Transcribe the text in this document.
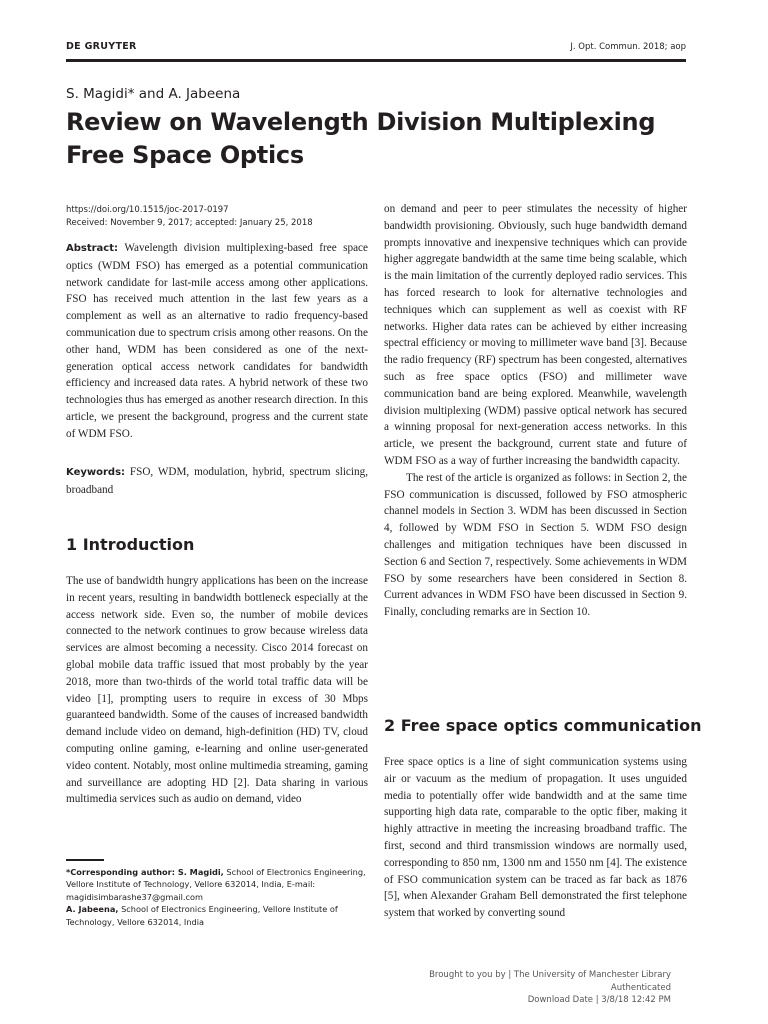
DE GRUYTER	J. Opt. Commun. 2018; aop
S. Magidi* and A. Jabeena
Review on Wavelength Division Multiplexing Free Space Optics
https://doi.org/10.1515/joc-2017-0197
Received: November 9, 2017; accepted: January 25, 2018

Abstract: Wavelength division multiplexing-based free space optics (WDM FSO) has emerged as a potential communication network candidate for last-mile access among other applications. FSO has received much attention in the last few years as a complement as well as an alternative to radio frequency-based communication due to spectrum crisis among other reasons. On the other hand, WDM has been considered as one of the next-generation optical access network candidates for bandwidth efficiency and increased data rates. A hybrid network of these two technologies thus has emerged as another research direction. In this article, we present the background, progress and the current state of WDM FSO.

Keywords: FSO, WDM, modulation, hybrid, spectrum slicing, broadband

1 Introduction

The use of bandwidth hungry applications has been on the increase in recent years, resulting in bandwidth bottleneck especially at the access network side. Even so, the number of mobile devices connected to the network continues to grow because wireless data services are almost becoming a necessity. Cisco 2014 forecast on global mobile data traffic issued that most probably by the year 2018, more than two-thirds of the world total traffic data will be video [1], prompting users to require in excess of 30 Mbps guaranteed bandwidth. Some of the causes of increased bandwidth demand include video on demand, high-definition (HD) TV, cloud computing online gaming, e-learning and online user-generated video content. Notably, most online multimedia streaming, gaming and surveillance are adopting HD [2]. Data sharing in various multimedia services such as audio on demand, video

*Corresponding author: S. Magidi, School of Electronics Engineering, Vellore Institute of Technology, Vellore 632014, India, E-mail: magidisimbarashe37@gmail.com
A. Jabeena, School of Electronics Engineering, Vellore Institute of Technology, Vellore 632014, India

on demand and peer to peer stimulates the necessity of higher bandwidth provisioning. Obviously, such huge bandwidth demand prompts innovative and inexpensive techniques which can provide higher aggregate bandwidth at the same time being scalable, which is the main limitation of the currently deployed radio services. This has forced research to look for alternative technologies and techniques which can supplement as well as coexist with RF networks. Higher data rates can be achieved by either increasing spectral efficiency or moving to millimeter wave band [3]. Because the radio frequency (RF) spectrum has been congested, alternatives such as free space optics (FSO) and millimeter wave communication band are being explored. Meanwhile, wavelength division multiplexing (WDM) passive optical network has secured a winning proposal for next-generation access networks. In this article, we present the background, current state and future of WDM FSO as a way of further increasing the bandwidth capacity.

The rest of the article is organized as follows: in Section 2, the FSO communication is discussed, followed by FSO atmospheric channel models in Section 3. WDM has been discussed in Section 4, followed by WDM FSO in Section 5. WDM FSO design challenges and mitigation techniques have been discussed in Section 6 and Section 7, respectively. Some achievements in WDM FSO by some researchers have been considered in Section 8. Current advances in WDM FSO have been discussed in Section 9. Finally, concluding remarks are in Section 10.

2 Free space optics communication

Free space optics is a line of sight communication systems using air or vacuum as the medium of propagation. It uses unguided media to potentially offer wide bandwidth and at the same time supporting high data rate, comparable to the optic fiber, making it highly attractive in meeting the increasing broadband traffic. The first, second and third transmission windows are normally used, corresponding to 850 nm, 1300 nm and 1550 nm [4]. The existence of FSO communication system can be traced as far back as 1876 [5], when Alexander Graham Bell demonstrated the first telephone system that worked by converting sound

Brought to you by | The University of Manchester Library
Authenticated
Download Date | 3/8/18 12:42 PM
